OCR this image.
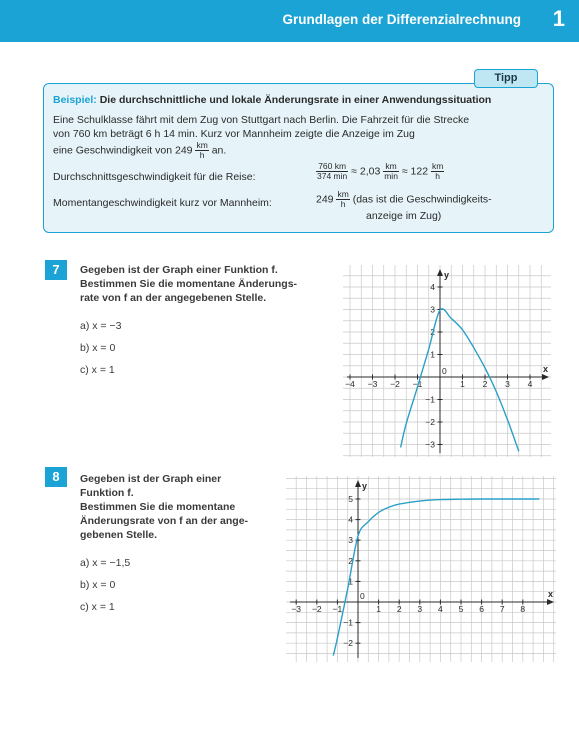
Grundlagen der Differenzialrechnung 1
Beispiel: Die durchschnittliche und lokale Änderungsrate in einer Anwendungssituation
Eine Schulklasse fährt mit dem Zug von Stuttgart nach Berlin. Die Fahrzeit für die Strecke
von 760 km beträgt 6 h 14 min. Kurz vor Mannheim zeigte die Anzeige im Zug
eine Geschwindigkeit von $249 \frac{km}{h}$ an.
Durchschnittsgeschwindigkeit für die Reise:	$\frac{760 km}{374 \min} \approx 2,03 \frac{km}{\min} \approx 122 \frac{km}{h}$
Momentangeschwindigkeit kurz vor Mannheim:	$249 \frac{km}{h} (das$ ist die Geschwindigkeits-
anzeige im Zug)
Tipp
7	Gegeben ist der Graph einer Funktion f.
Bestimmen Sie die momentane Änderungs-
rate von f an der angegebenen Stelle.
a) x = −3
b) x = 0
c) x = 1	x
y
−4 −3 −2 −1
0
1 2 3 4
−3
−2
−1
1
2
3
4
8	Gegeben ist der Graph einer
Funktion f.
Bestimmen Sie die momentane
Änderungsrate von f an der ange-
gebenen Stelle.
a) x = −1,5
b) x = 0
c) x = 1
x
y
−3 −2 −1
0
1 2 3 4 5 6 7 8
−2
−1
1
2
3
4
5
